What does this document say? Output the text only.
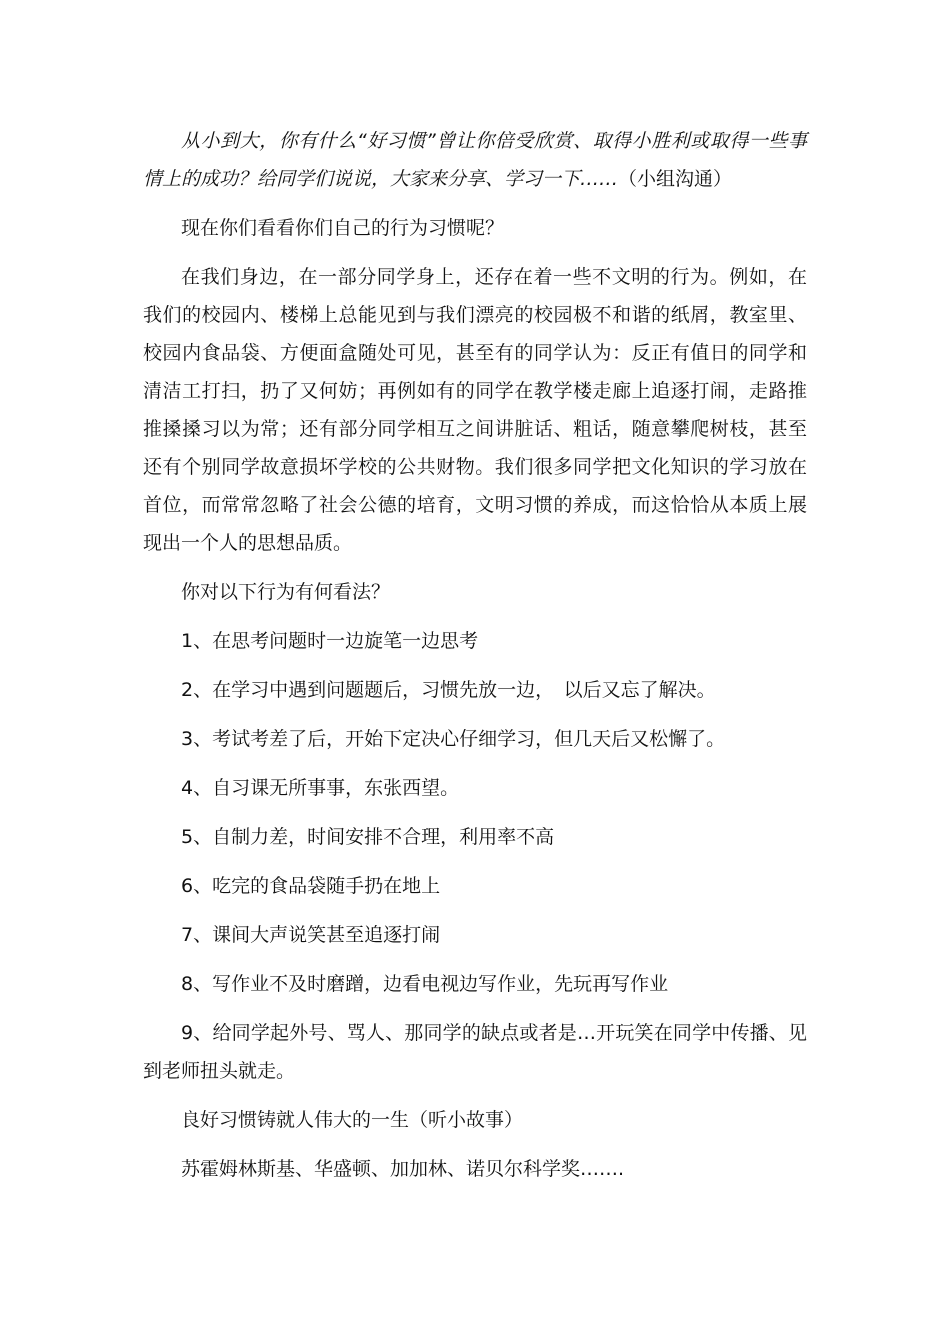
从小到大，你有什么“好习惯”曾让你倍受欣赏、取得小胜利或取得一些事情上的成功？给同学们说说，大家来分享、学习一下……（小组沟通）

现在你们看看你们自己的行为习惯呢？

在我们身边，在一部分同学身上，还存在着一些不文明的行为。例如，在我们的校园内、楼梯上总能见到与我们漂亮的校园极不和谐的纸屑，教室里、校园内食品袋、方便面盒随处可见，甚至有的同学认为：反正有值日的同学和清洁工打扫，扔了又何妨；再例如有的同学在教学楼走廊上追逐打闹，走路推推搡搡习以为常；还有部分同学相互之间讲脏话、粗话，随意攀爬树枝，甚至还有个别同学故意损坏学校的公共财物。我们很多同学把文化知识的学习放在首位，而常常忽略了社会公德的培育，文明习惯的养成，而这恰恰从本质上展现出一个人的思想品质。

你对以下行为有何看法？

1、在思考问题时一边旋笔一边思考

2、在学习中遇到问题题后，习惯先放一边，　以后又忘了解决。

3、考试考差了后，开始下定决心仔细学习，但几天后又松懈了。

4、自习课无所事事，东张西望。

5、自制力差，时间安排不合理，利用率不高

6、吃完的食品袋随手扔在地上

7、课间大声说笑甚至追逐打闹

8、写作业不及时磨蹭，边看电视边写作业，先玩再写作业

9、给同学起外号、骂人、那同学的缺点或者是…开玩笑在同学中传播、见到老师扭头就走。

良好习惯铸就人伟大的一生（听小故事）

苏霍姆林斯基、华盛顿、加加林、诺贝尔科学奖…….
